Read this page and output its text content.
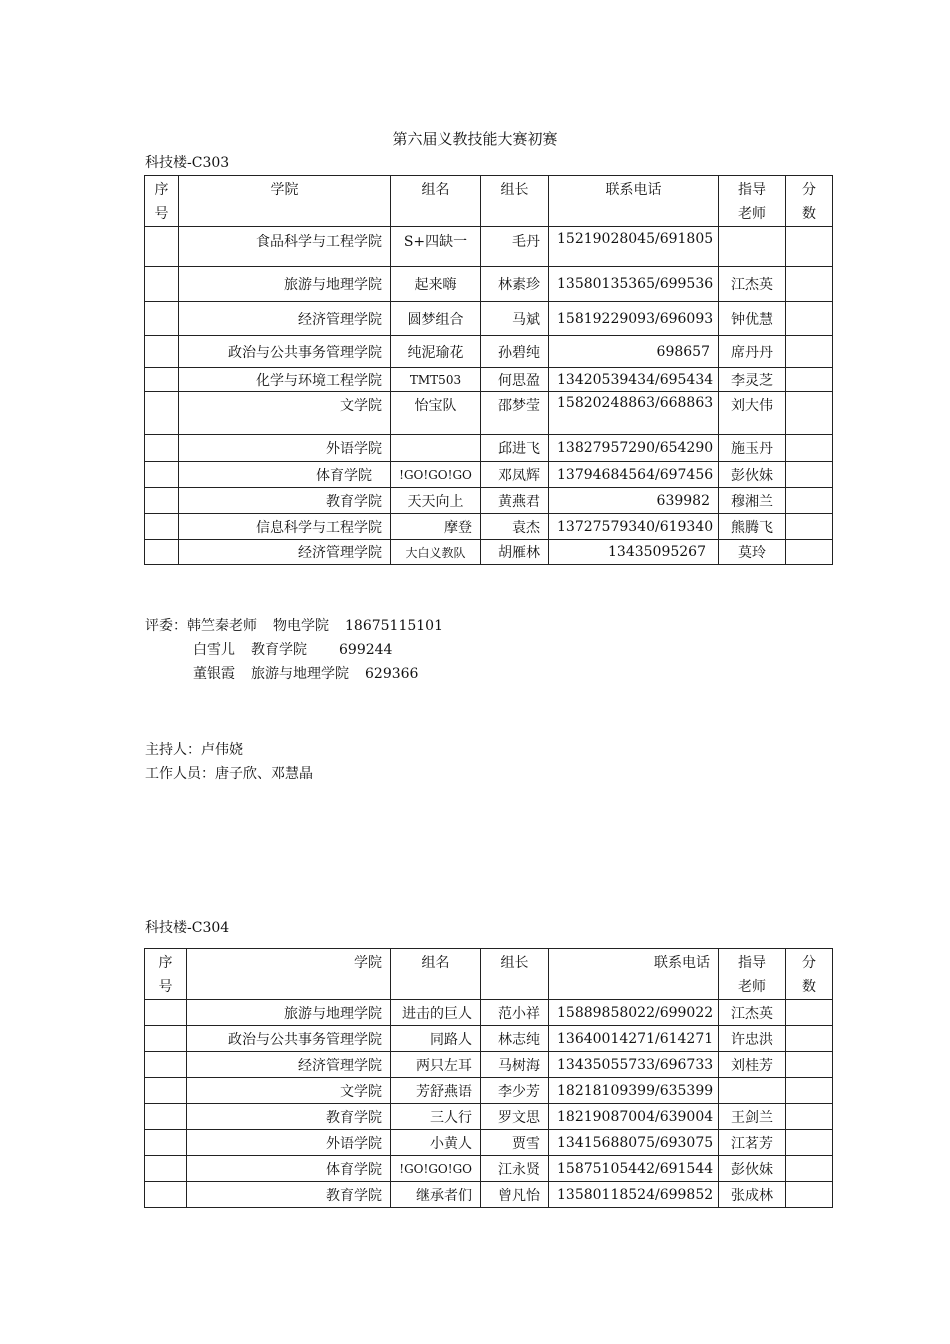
第六届义教技能大赛初赛
科技楼-C303
序
号	学院	组名	组长	联系电话	指导
老师	分
数
	食品科学与工程学院	S+四缺一	毛丹	15219028045/691805		
	旅游与地理学院	起来嗨	林素珍	13580135365/699536	江杰英	
	经济管理学院	圆梦组合	马斌	15819229093/696093	钟优慧	
	政治与公共事务管理学院	纯泥瑜花	孙碧纯	698657	席丹丹	
	化学与环境工程学院	TMT503	何思盈	13420539434/695434	李灵芝	
	文学院	怡宝队	邵梦莹	15820248863/668863	刘大伟	
	外语学院		邱进飞	13827957290/654290	施玉丹	
	体育学院	!GO!GO!GO	邓凤辉	13794684564/697456	彭伙妹	
	教育学院	天天向上	黄燕君	639982	穆湘兰	
	信息科学与工程学院	摩登	袁杰	13727579340/619340	熊腾飞	
	经济管理学院	大白义教队	胡雁林	13435095267	莫玲	
评委：韩竺秦老师 物电学院 18675115101
白雪儿 教育学院 699244
董银霞 旅游与地理学院 629366
主持人：卢伟娆
工作人员：唐子欣、邓慧晶
科技楼-C304
序
号	学院	组名	组长	联系电话	指导
老师	分
数
	旅游与地理学院	进击的巨人	范小祥	15889858022/699022	江杰英	
	政治与公共事务管理学院	同路人	林志纯	13640014271/614271	许忠洪	
	经济管理学院	两只左耳	马树海	13435055733/696733	刘桂芳	
	文学院	芳舒燕语	李少芳	18218109399/635399		
	教育学院	三人行	罗文思	18219087004/639004	王剑兰	
	外语学院	小黄人	贾雪	13415688075/693075	江茗芳	
	体育学院	!GO!GO!GO	江永贤	15875105442/691544	彭伙妹	
	教育学院	继承者们	曾凡怡	13580118524/699852	张成林	
